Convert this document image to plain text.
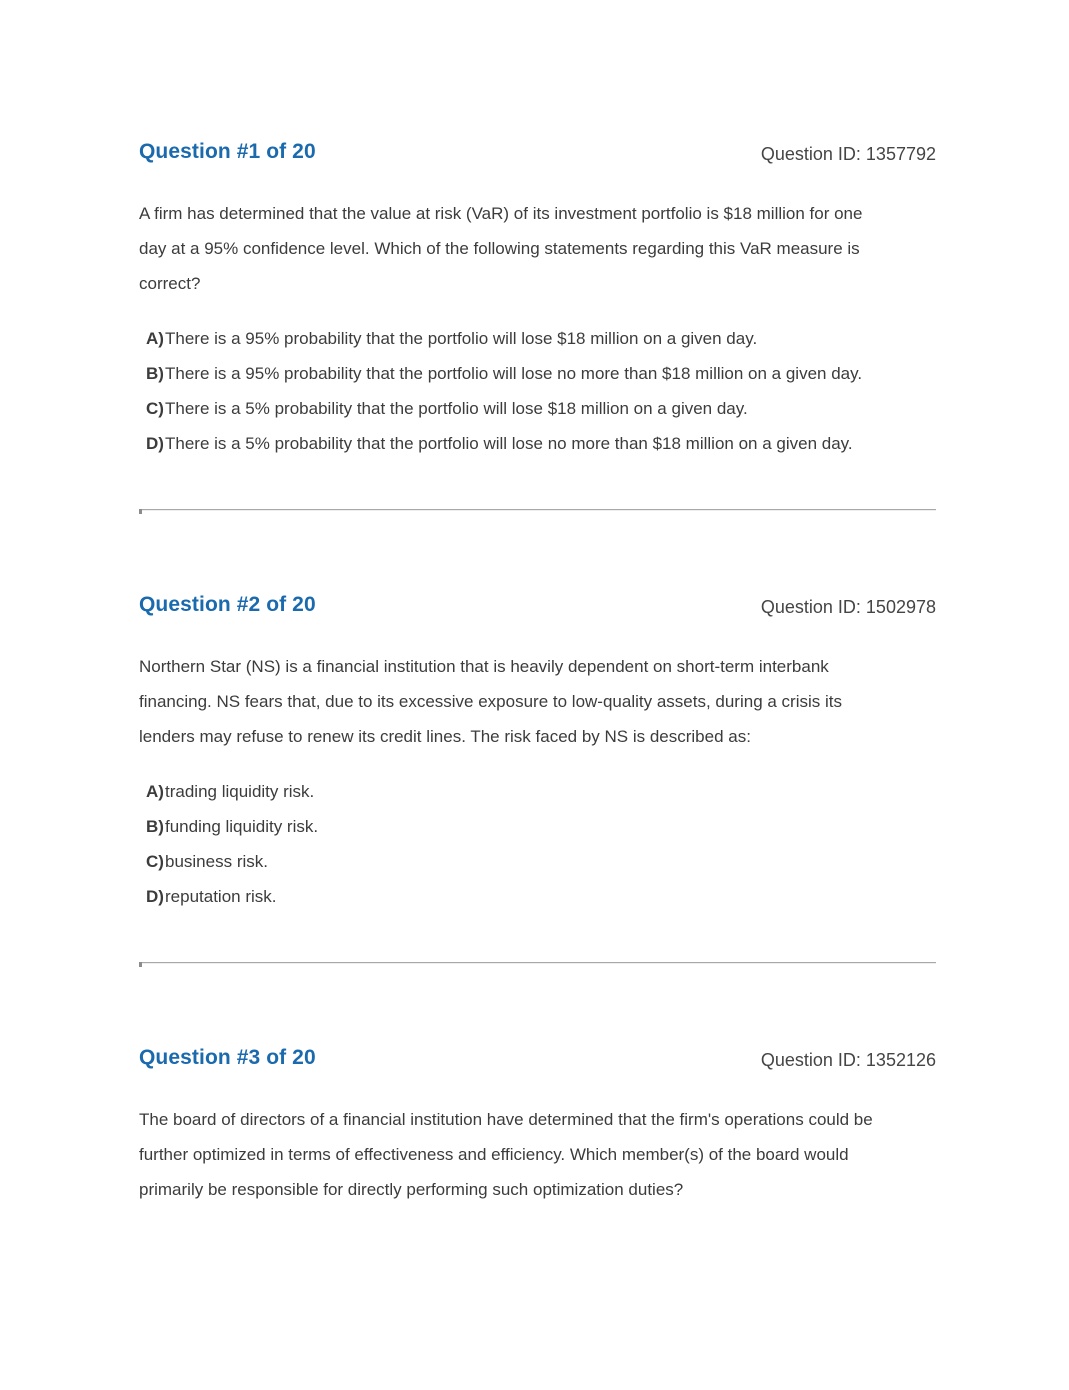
Question #1 of 20	Question ID: 1357792

A firm has determined that the value at risk (VaR) of its investment portfolio is $18 million for one day at a 95% confidence level. Which of the following statements regarding this VaR measure is correct?

A) There is a 95% probability that the portfolio will lose $18 million on a given day.
B) There is a 95% probability that the portfolio will lose no more than $18 million on a given day.
C) There is a 5% probability that the portfolio will lose $18 million on a given day.
D) There is a 5% probability that the portfolio will lose no more than $18 million on a given day.
Question #2 of 20	Question ID: 1502978

Northern Star (NS) is a financial institution that is heavily dependent on short-term interbank financing. NS fears that, due to its excessive exposure to low-quality assets, during a crisis its lenders may refuse to renew its credit lines. The risk faced by NS is described as:

A) trading liquidity risk.
B) funding liquidity risk.
C) business risk.
D) reputation risk.
Question #3 of 20	Question ID: 1352126

The board of directors of a financial institution have determined that the firm's operations could be further optimized in terms of effectiveness and efficiency. Which member(s) of the board would primarily be responsible for directly performing such optimization duties?
